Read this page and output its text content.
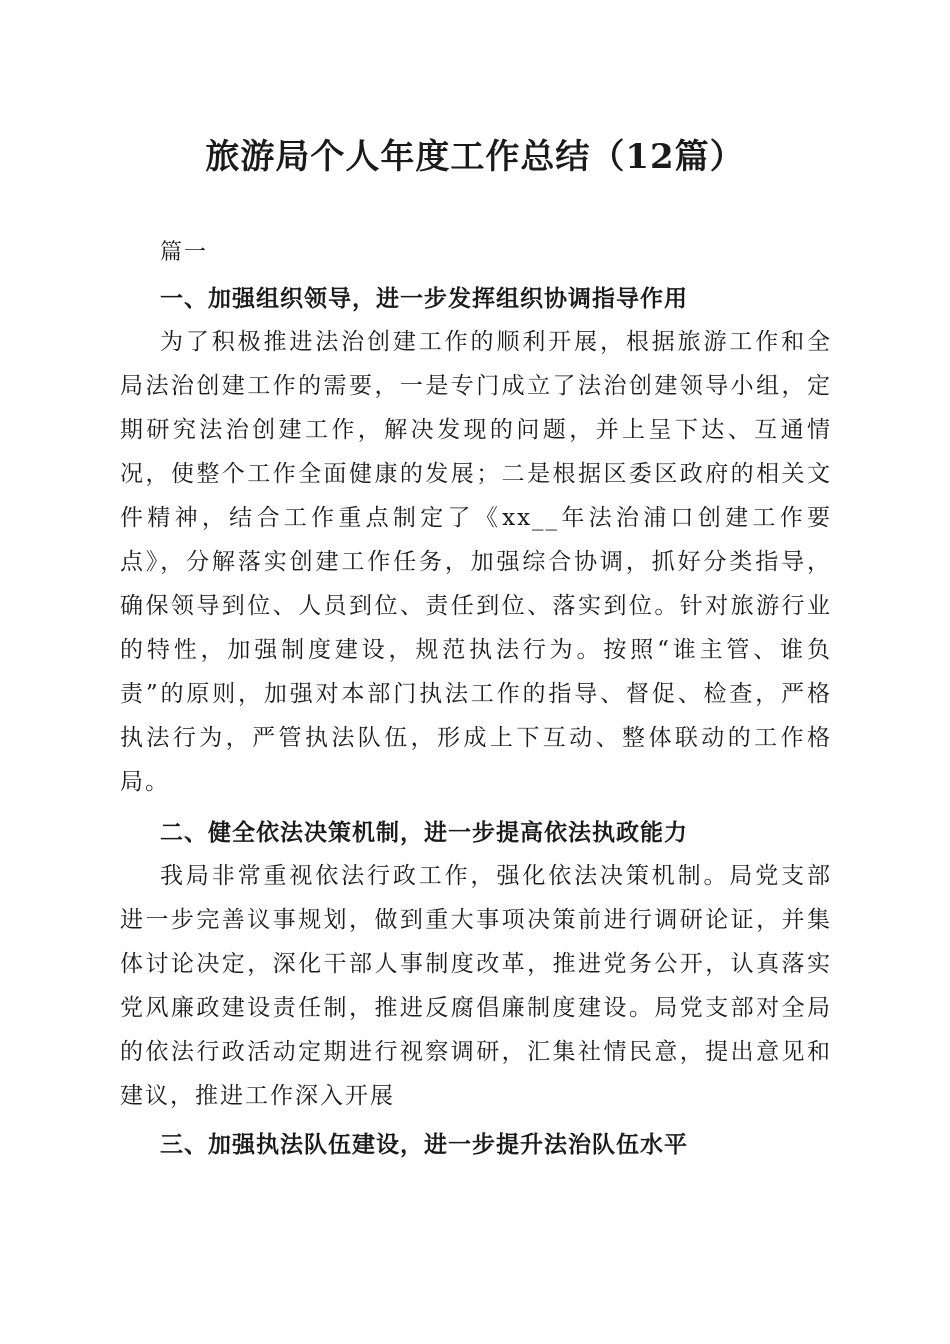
旅游局个人年度工作总结（12篇）
篇一
一、加强组织领导，进一步发挥组织协调指导作用
为了积极推进法治创建工作的顺利开展，根据旅游工作和全局法治创建工作的需要，一是专门成立了法治创建领导小组，定期研究法治创建工作，解决发现的问题，并上呈下达、互通情况，使整个工作全面健康的发展；二是根据区委区政府的相关文件精神，结合工作重点制定了《xx__年法治浦口创建工作要点》，分解落实创建工作任务，加强综合协调，抓好分类指导，确保领导到位、人员到位、责任到位、落实到位。针对旅游行业的特性，加强制度建设，规范执法行为。按照“谁主管、谁负责”的原则，加强对本部门执法工作的指导、督促、检查，严格执法行为，严管执法队伍，形成上下互动、整体联动的工作格局。
二、健全依法决策机制，进一步提高依法执政能力
我局非常重视依法行政工作，强化依法决策机制。局党支部进一步完善议事规划，做到重大事项决策前进行调研论证，并集体讨论决定，深化干部人事制度改革，推进党务公开，认真落实党风廉政建设责任制，推进反腐倡廉制度建设。局党支部对全局的依法行政活动定期进行视察调研，汇集社情民意，提出意见和建议，推进工作深入开展
三、加强执法队伍建设，进一步提升法治队伍水平
